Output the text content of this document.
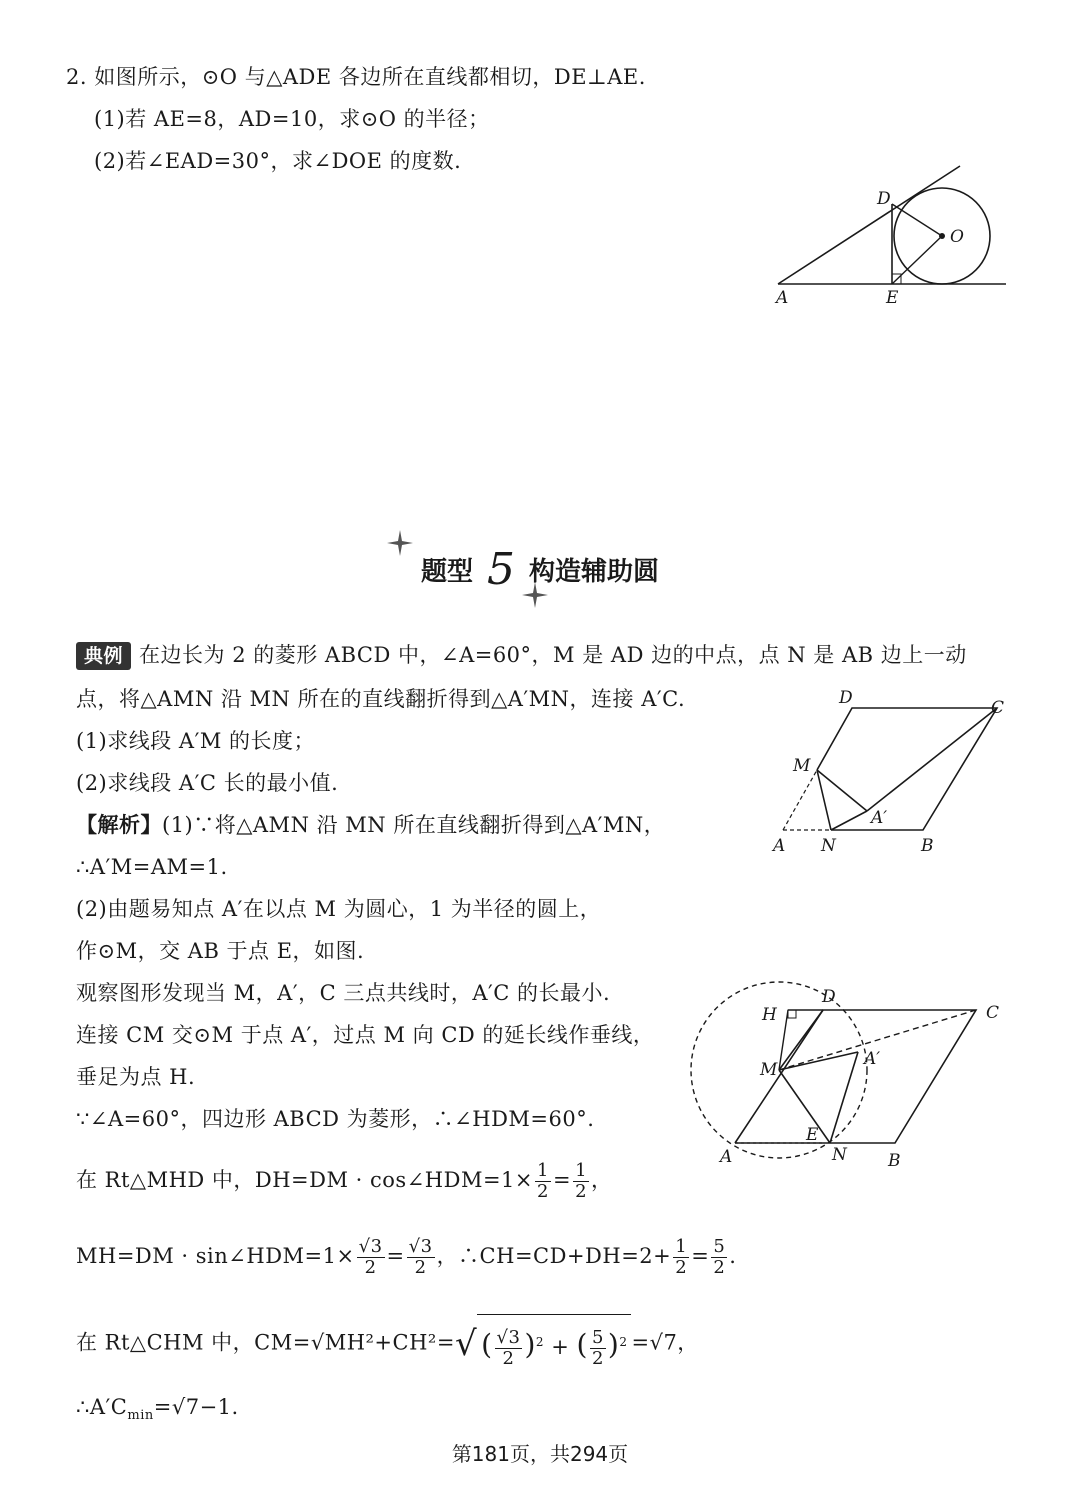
2. 如图所示，⊙O 与△ADE 各边所在直线都相切，DE⊥AE.
(1)若 AE=8，AD=10，求⊙O 的半径；
(2)若∠EAD=30°，求∠DOE 的度数.
D
O
A	E
题型 5 构造辅助圆
典例 在边长为 2 的菱形 ABCD 中，∠A=60°，M 是 AD 边的中点，点 N 是 AB 边上一动
点，将△AMN 沿 MN 所在的直线翻折得到△A′MN，连接 A′C.
(1)求线段 A′M 的长度；
(2)求线段 A′C 长的最小值.
D	C
M
A′
A N	B
【解析】(1)∵将△AMN 沿 MN 所在直线翻折得到△A′MN，
∴A′M=AM=1.
(2)由题易知点 A′在以点 M 为圆心，1 为半径的圆上，
作⊙M，交 AB 于点 E，如图.
观察图形发现当 M，A′，C 三点共线时，A′C 的长最小.
连接 CM 交⊙M 于点 A′，过点 M 向 CD 的延长线作垂线，
垂足为点 H.
∵∠A=60°，四边形 ABCD 为菱形，∴∠HDM=60°.
在 Rt△MHD 中，DH=DM · cos∠HDM=1× $\frac{1}{2} = \frac{1}{2}$ ，
MH=DM · sin∠HDM=1× $\frac{√3}{2} = \frac{√3}{2}$ ，∴CH=CD+DH=2+ $\frac{1}{2} = \frac{5}{2}$ .
在 Rt△CHM 中，CM=√MH²+CH²=√ ( $\frac{√3}{2} )^2$ + ( $\frac{5}{2} )^2 =√7$，
$\therefore A'C_{min}=√7-1$.
D
C
H
M
A′
E
A	N B
第181页，共294页
